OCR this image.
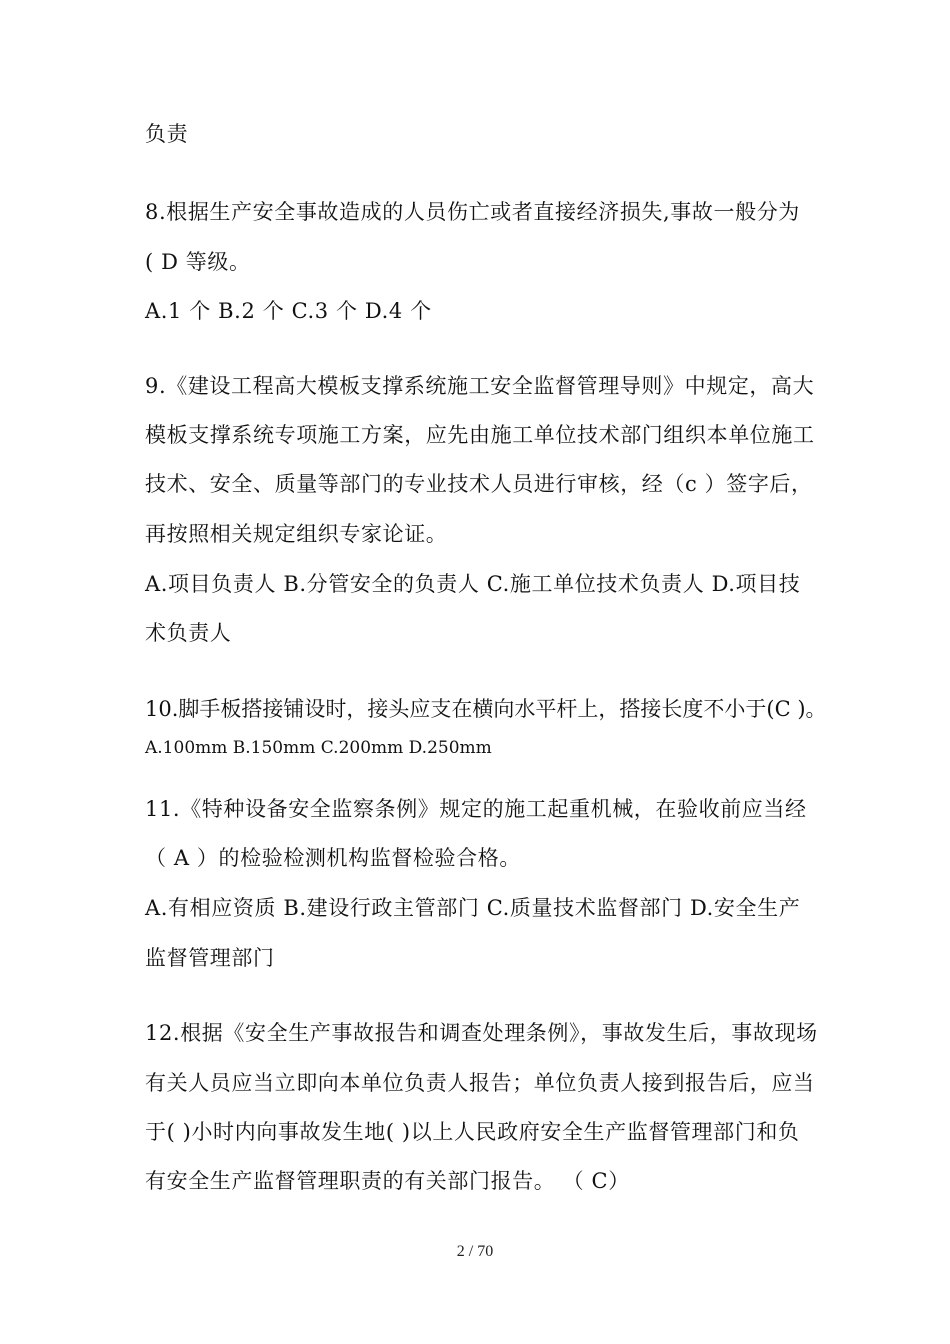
负责
8.根据生产安全事故造成的人员伤亡或者直接经济损失,事故一般分为
( D 等级。
A.1 个 B.2 个 C.3 个 D.4 个
9.《建设工程高大模板支撑系统施工安全监督管理导则》中规定，高大
模板支撑系统专项施工方案，应先由施工单位技术部门组织本单位施工
技术、安全、质量等部门的专业技术人员进行审核，经（c ）签字后，
再按照相关规定组织专家论证。
A.项目负责人 B.分管安全的负责人 C.施工单位技术负责人 D.项目技
术负责人
10.脚手板搭接铺设时，接头应支在横向水平杆上，搭接长度不小于(C )。
A.100mm B.150mm C.200mm D.250mm
11.《特种设备安全监察条例》规定的施工起重机械，在验收前应当经
（ A ）的检验检测机构监督检验合格。
A.有相应资质 B.建设行政主管部门 C.质量技术监督部门 D.安全生产
监督管理部门
12.根据《安全生产事故报告和调查处理条例》，事故发生后，事故现场
有关人员应当立即向本单位负责人报告；单位负责人接到报告后，应当
于( )小时内向事故发生地( )以上人民政府安全生产监督管理部门和负
有安全生产监督管理职责的有关部门报告。 （ C）
2 / 70
